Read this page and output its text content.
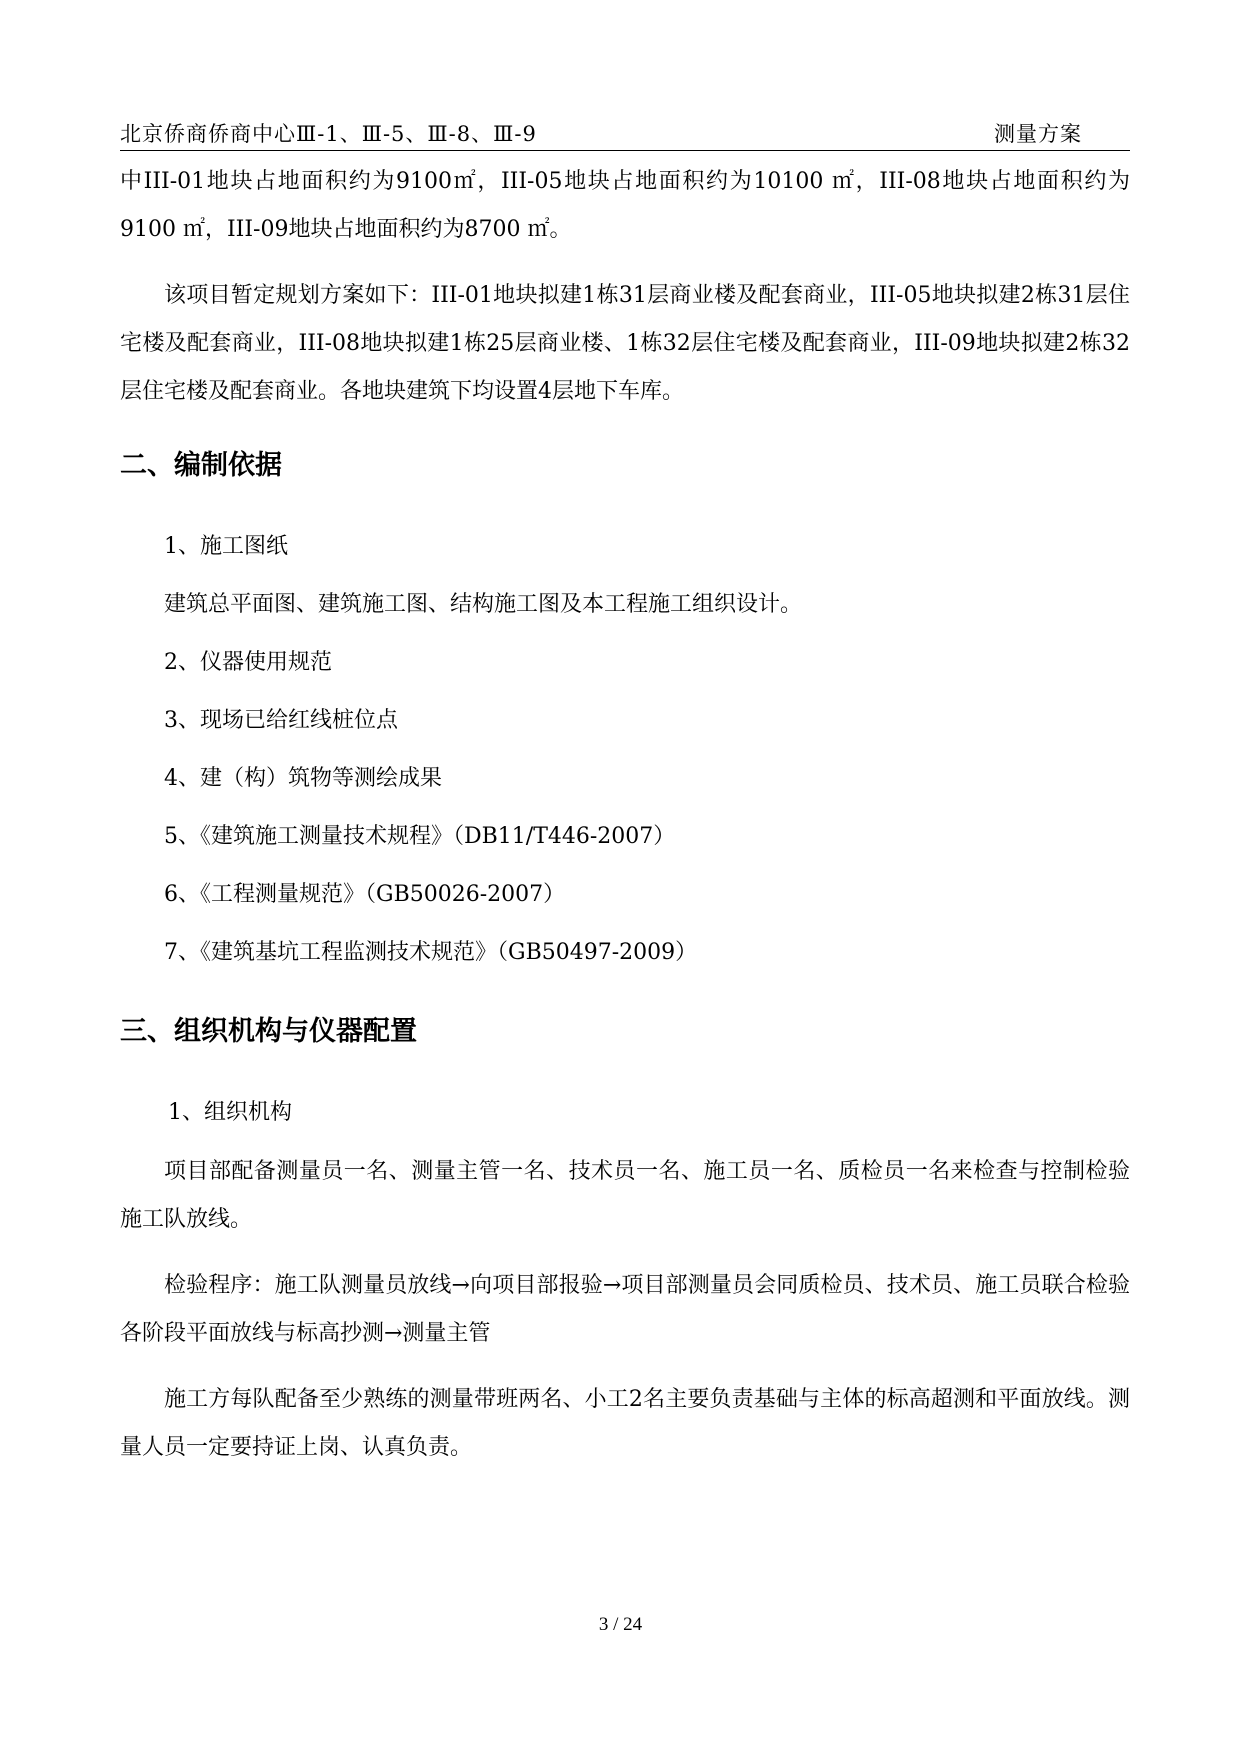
北京侨商侨商中心Ⅲ-1、Ⅲ-5、Ⅲ-8、Ⅲ-9	测量方案

中III-01地块占地面积约为9100㎡，III-05地块占地面积约为10100 ㎡，III-08地块占地面积约为9100 ㎡，III-09地块占地面积约为8700 ㎡。

该项目暂定规划方案如下：III-01地块拟建1栋31层商业楼及配套商业，III-05地块拟建2栋31层住宅楼及配套商业，III-08地块拟建1栋25层商业楼、1栋32层住宅楼及配套商业，III-09地块拟建2栋32层住宅楼及配套商业。各地块建筑下均设置4层地下车库。

二、编制依据

1、施工图纸

建筑总平面图、建筑施工图、结构施工图及本工程施工组织设计。

2、仪器使用规范

3、现场已给红线桩位点

4、建（构）筑物等测绘成果

5、《建筑施工测量技术规程》（DB11/T446-2007）

6、《工程测量规范》（GB50026-2007）

7、《建筑基坑工程监测技术规范》（GB50497-2009）

三、组织机构与仪器配置

1、组织机构

项目部配备测量员一名、测量主管一名、技术员一名、施工员一名、质检员一名来检查与控制检验施工队放线。

检验程序：施工队测量员放线→向项目部报验→项目部测量员会同质检员、技术员、施工员联合检验各阶段平面放线与标高抄测→测量主管

施工方每队配备至少熟练的测量带班两名、小工2名主要负责基础与主体的标高超测和平面放线。测量人员一定要持证上岗、认真负责。

3 / 24
